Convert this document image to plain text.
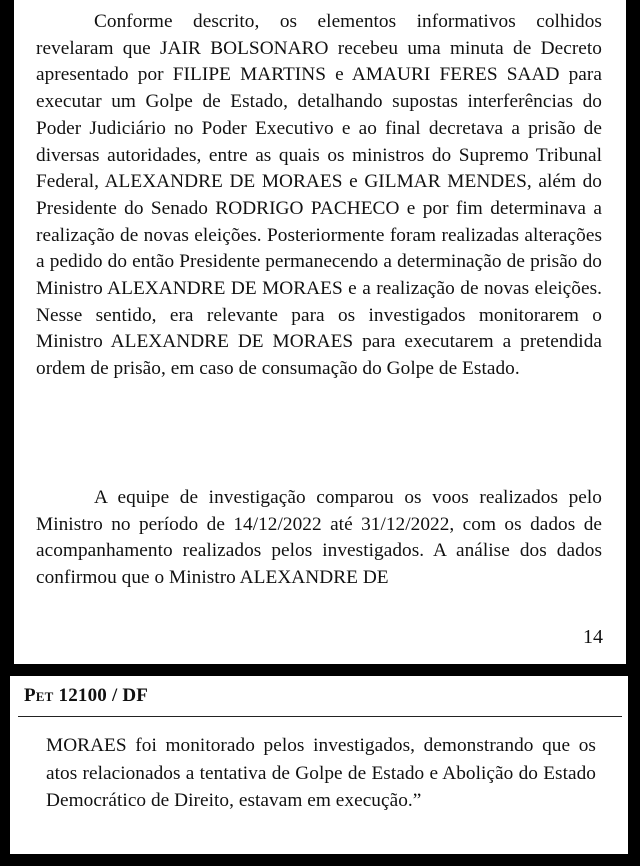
Conforme descrito, os elementos informativos colhidos revelaram que JAIR BOLSONARO recebeu uma minuta de Decreto apresentado por FILIPE MARTINS e AMAURI FERES SAAD para executar um Golpe de Estado, detalhando supostas interferências do Poder Judiciário no Poder Executivo e ao final decretava a prisão de diversas autoridades, entre as quais os ministros do Supremo Tribunal Federal, ALEXANDRE DE MORAES e GILMAR MENDES, além do Presidente do Senado RODRIGO PACHECO e por fim determinava a realização de novas eleições. Posteriormente foram realizadas alterações a pedido do então Presidente permanecendo a determinação de prisão do Ministro ALEXANDRE DE MORAES e a realização de novas eleições. Nesse sentido, era relevante para os investigados monitorarem o Ministro ALEXANDRE DE MORAES para executarem a pretendida ordem de prisão, em caso de consumação do Golpe de Estado.

A equipe de investigação comparou os voos realizados pelo Ministro no período de 14/12/2022 até 31/12/2022, com os dados de acompanhamento realizados pelos investigados. A análise dos dados confirmou que o Ministro ALEXANDRE DE

14
Pet 12100 / DF

MORAES foi monitorado pelos investigados, demonstrando que os atos relacionados a tentativa de Golpe de Estado e Abolição do Estado Democrático de Direito, estavam em execução.”
